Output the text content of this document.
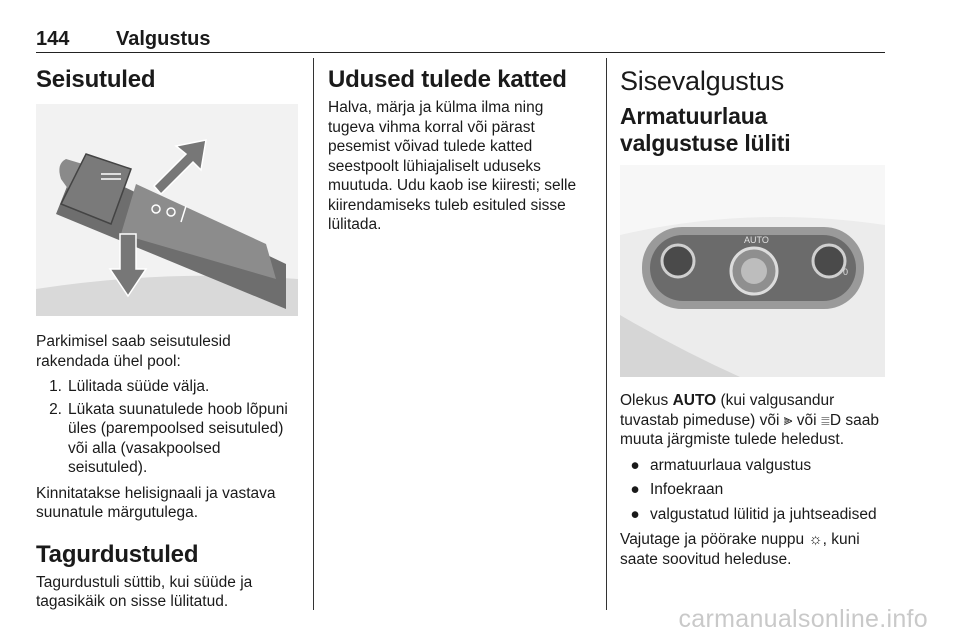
144 Valgustus
Seisutuled

Parkimisel saab seisutulesid rakendada ühel pool:

1. Lülitada süüde välja.
2. Lükata suunatulede hoob lõpuni üles (parempoolsed seisutuled) või alla (vasakpoolsed seisutuled).

Kinnitatakse helisignaali ja vastava suunatule märgutulega.

Tagurdustuled

Tagurdustuli süttib, kui süüde ja tagasikäik on sisse lülitatud.

Udused tulede katted

Halva, märja ja külma ilma ning tugeva vihma korral või pärast pesemist võivad tulede katted seestpoolt lühiajaliselt uduseks muutuda. Udu kaob ise kiiresti; selle kiirendamiseks tuleb esituled sisse lülitada.

Sisevalgustus
Armatuurlaua valgustuse lüliti
AUTO
0

Olekus AUTO (kui valgusandur tuvastab pimeduse) või ⫸ või ≣D saab muuta järgmiste tulede heledust.

● armatuurlaua valgustus
● Infoekraan
● valgustatud lülitid ja juhtseadised

Vajutage ja pöörake nuppu ☼, kuni saate soovitud heleduse.

carmanualsonline.info
